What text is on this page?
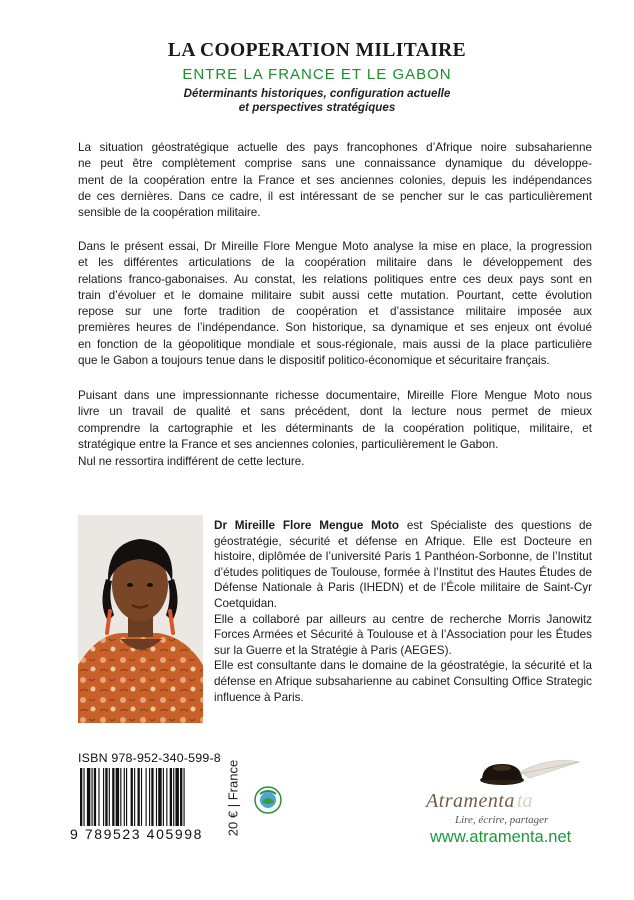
LA COOPERATION MILITAIRE
ENTRE LA FRANCE ET LE GABON
Déterminants historiques, configuration actuelle
et perspectives stratégiques
La situation géostratégique actuelle des pays francophones d’Afrique noire subsaharienne
ne peut être complètement comprise sans une connaissance dynamique du développe-
ment de la coopération entre la France et ses anciennes colonies, depuis les indépendances
de ces dernières. Dans ce cadre, il est intéressant de se pencher sur le cas particulièrement
sensible de la coopération militaire.
Dans le présent essai, Dr Mireille Flore Mengue Moto analyse la mise en place, la progression
et les différentes articulations de la coopération militaire dans le développement des
relations franco-gabonaises. Au constat, les relations politiques entre ces deux pays sont en
train d’évoluer et le domaine militaire subit aussi cette mutation. Pourtant, cette évolution
repose sur une forte tradition de coopération et d’assistance militaire imposée aux
premières heures de l’indépendance. Son historique, sa dynamique et ses enjeux ont évolué
en fonction de la géopolitique mondiale et sous-régionale, mais aussi de la place particulière
que le Gabon a toujours tenue dans le dispositif politico-économique et sécuritaire français.
Puisant dans une impressionnante richesse documentaire, Mireille Flore Mengue Moto nous
livre un travail de qualité et sans précédent, dont la lecture nous permet de mieux
comprendre la cartographie et les déterminants de la coopération politique, militaire, et
stratégique entre la France et ses anciennes colonies, particulièrement le Gabon.
Nul ne ressortira indifférent de cette lecture.
Dr Mireille Flore Mengue Moto est Spécialiste des questions de géostratégie, sécurité et défense en Afrique. Elle est Docteure en histoire, diplômée de l’université Paris 1 Panthéon-Sorbonne, de l’Institut d’études politiques de Toulouse, formée à l’Institut des Hautes Études de Défense Nationale à Paris (IHEDN) et de l’École militaire de Saint-Cyr Coetquidan.
Elle a collaboré par ailleurs au centre de recherche Morris Janowitz Forces Armées et Sécurité à Toulouse et à l’Association pour les Études sur la Guerre et la Stratégie à Paris (AEGES).
Elle est consultante dans le domaine de la géostratégie, la sécurité et la défense en Afrique subsaharienne au cabinet Consulting Office Strategic influence à Paris.
ISBN 978-952-340-599-8
9 789523 405998 20 € | France	Atramenta ta
Lire, écrire, partager
www.atramenta.net
